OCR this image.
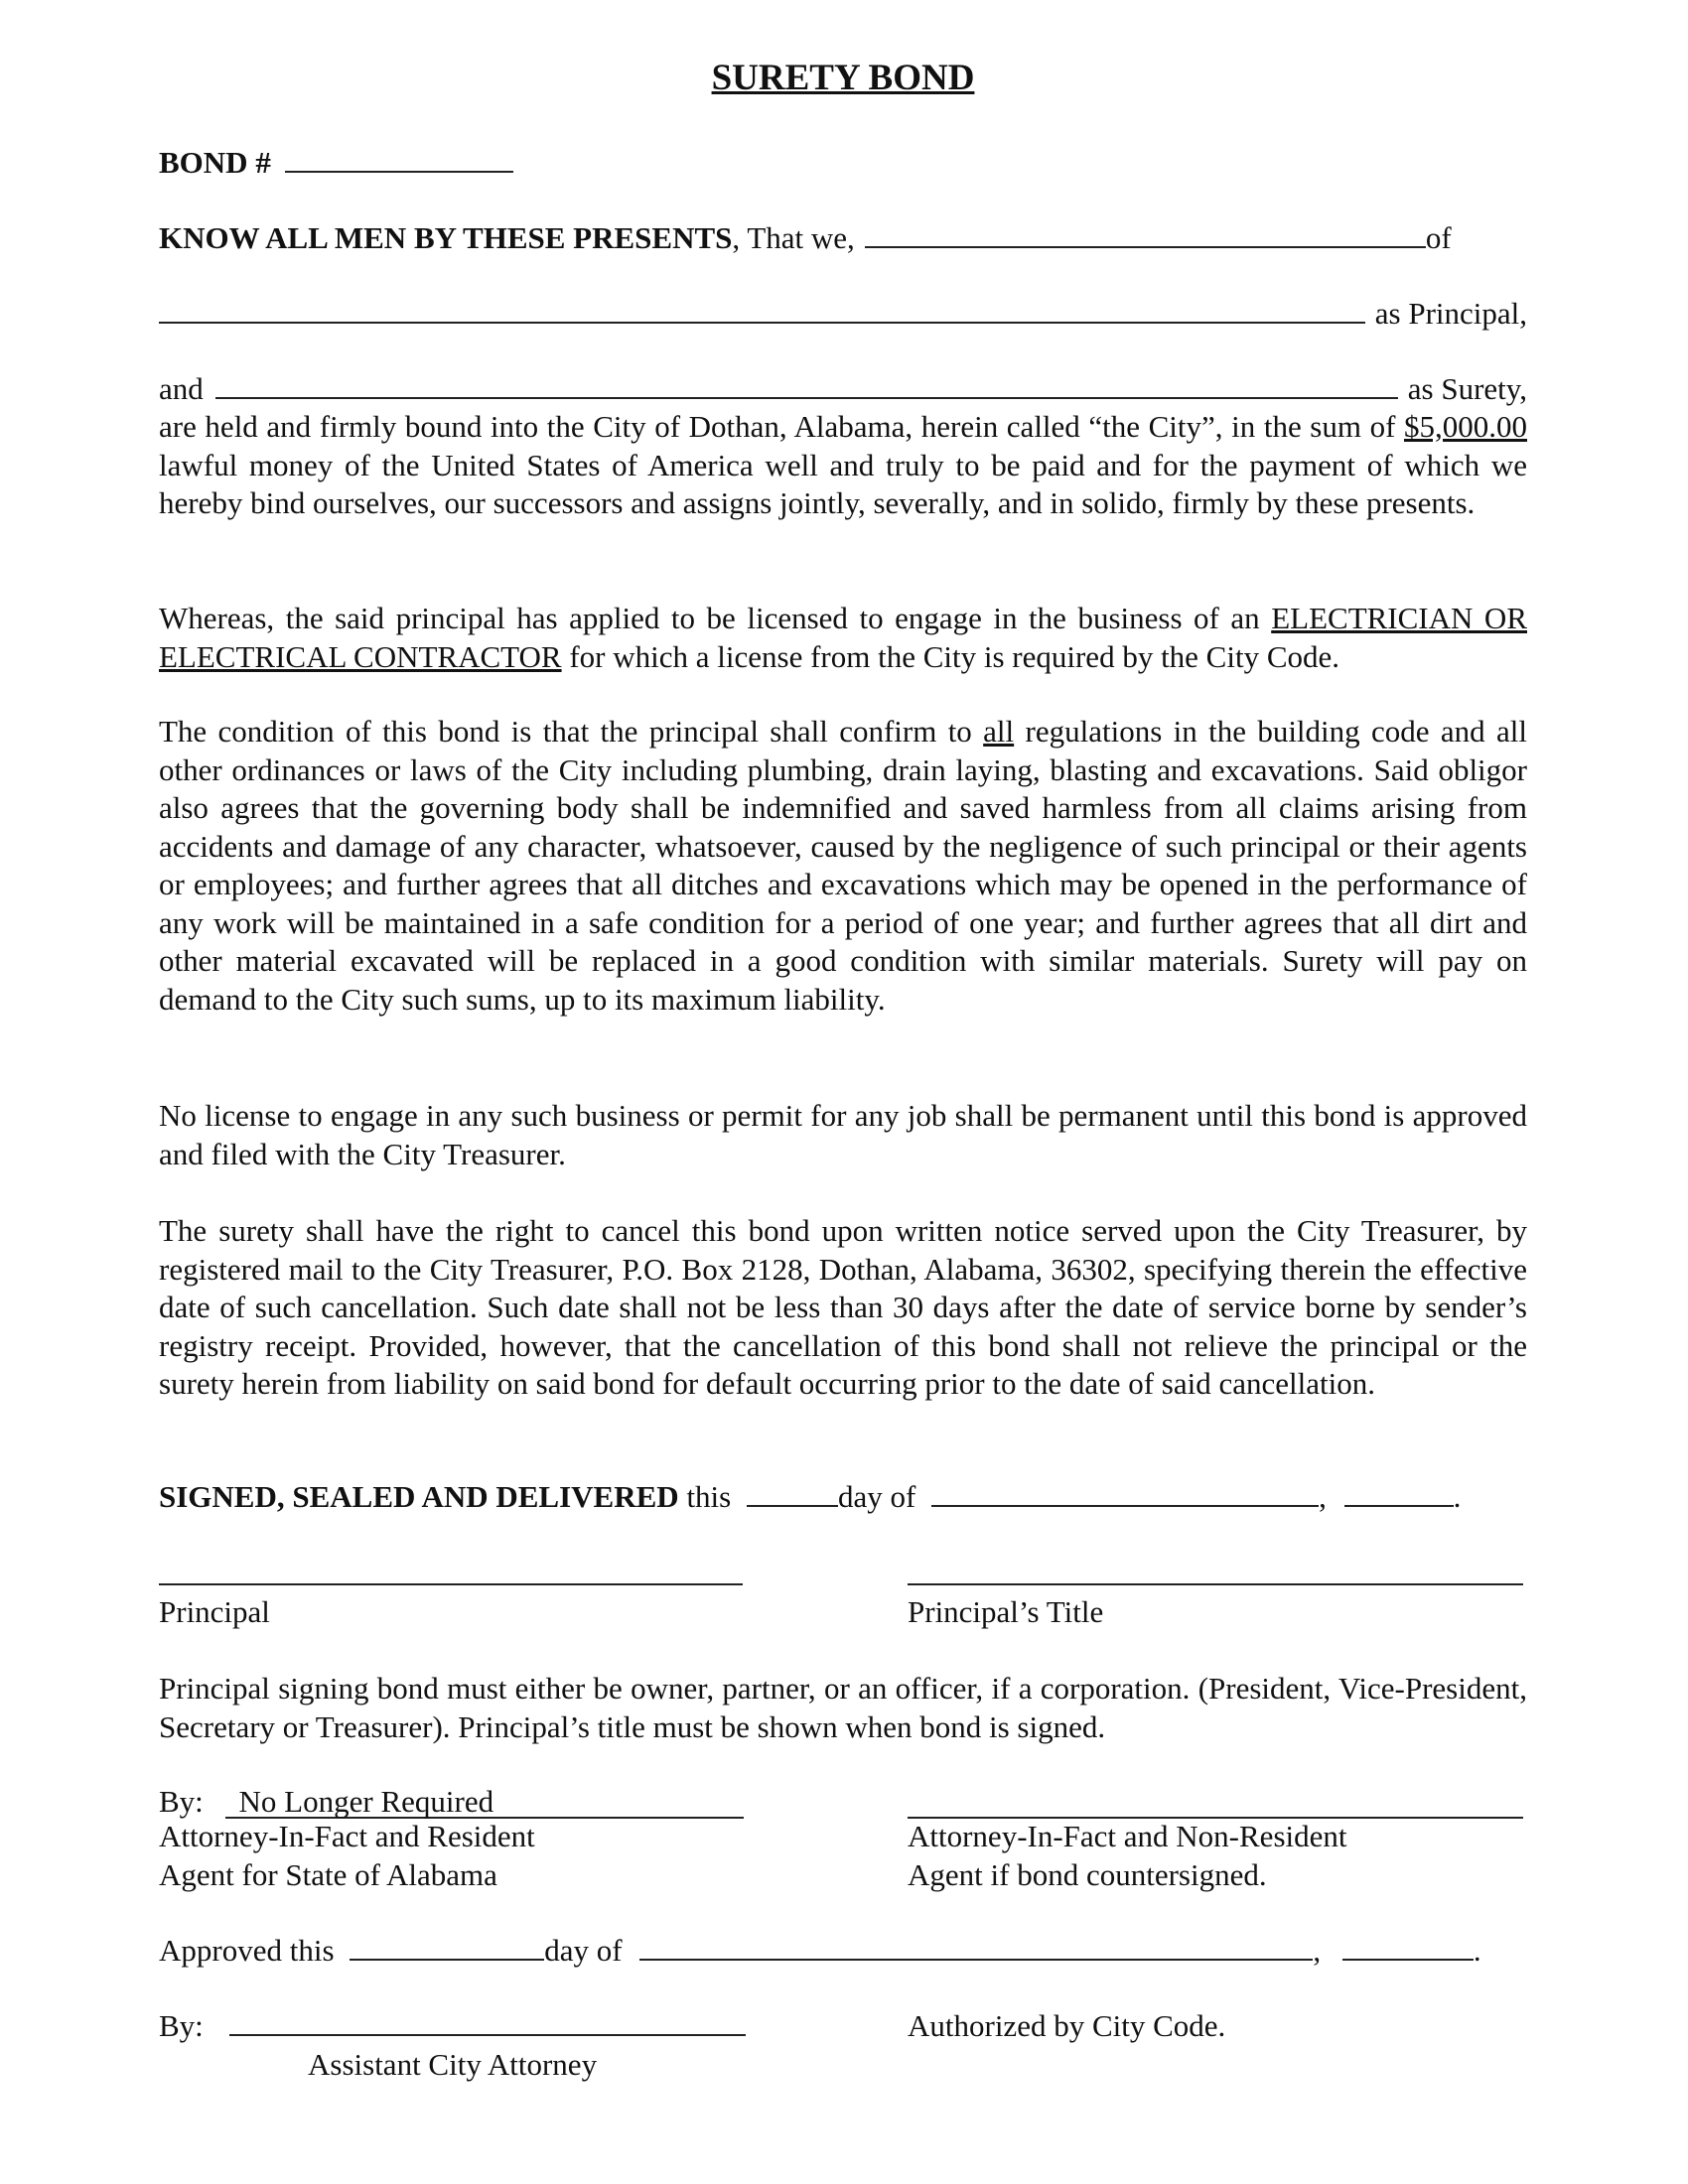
SURETY BOND
BOND #
KNOW ALL MEN BY THESE PRESENTS , That we,	of
as Principal,
and	as Surety,
are held and firmly bound into the City of Dothan, Alabama, herein called “the City”, in the sum of $5,000.00 lawful money of the United States of America well and truly to be paid and for the payment of which we hereby bind ourselves, our successors and assigns jointly, severally, and in solido, firmly by these presents.
Whereas, the said principal has applied to be licensed to engage in the business of an ELECTRICIAN OR ELECTRICAL CONTRACTOR for which a license from the City is required by the City Code.
The condition of this bond is that the principal shall confirm to all regulations in the building code and all other ordinances or laws of the City including plumbing, drain laying, blasting and excavations. Said obligor also agrees that the governing body shall be indemnified and saved harmless from all claims arising from accidents and damage of any character, whatsoever, caused by the negligence of such principal or their agents or employees; and further agrees that all ditches and excavations which may be opened in the performance of any work will be maintained in a safe condition for a period of one year; and further agrees that all dirt and other material excavated will be replaced in a good condition with similar materials. Surety will pay on demand to the City such sums, up to its maximum liability.
No license to engage in any such business or permit for any job shall be permanent until this bond is approved and filed with the City Treasurer.
The surety shall have the right to cancel this bond upon written notice served upon the City Treasurer, by registered mail to the City Treasurer, P.O. Box 2128, Dothan, Alabama, 36302, specifying therein the effective date of such cancellation. Such date shall not be less than 30 days after the date of service borne by sender’s registry receipt. Provided, however, that the cancellation of this bond shall not relieve the principal or the surety herein from liability on said bond for default occurring prior to the date of said cancellation.
SIGNED, SEALED AND DELIVERED this	day of	,	.
Principal	Principal’s Title
Principal signing bond must either be owner, partner, or an officer, if a corporation. (President, Vice-President, Secretary or Treasurer). Principal’s title must be shown when bond is signed.
By: No Longer Required
Attorney-In-Fact and Resident
Agent for State of Alabama
Attorney-In-Fact and Non-Resident
Agent if bond countersigned.
Approved this	day of	,	.
By:	Authorized by City Code.
Assistant City Attorney
